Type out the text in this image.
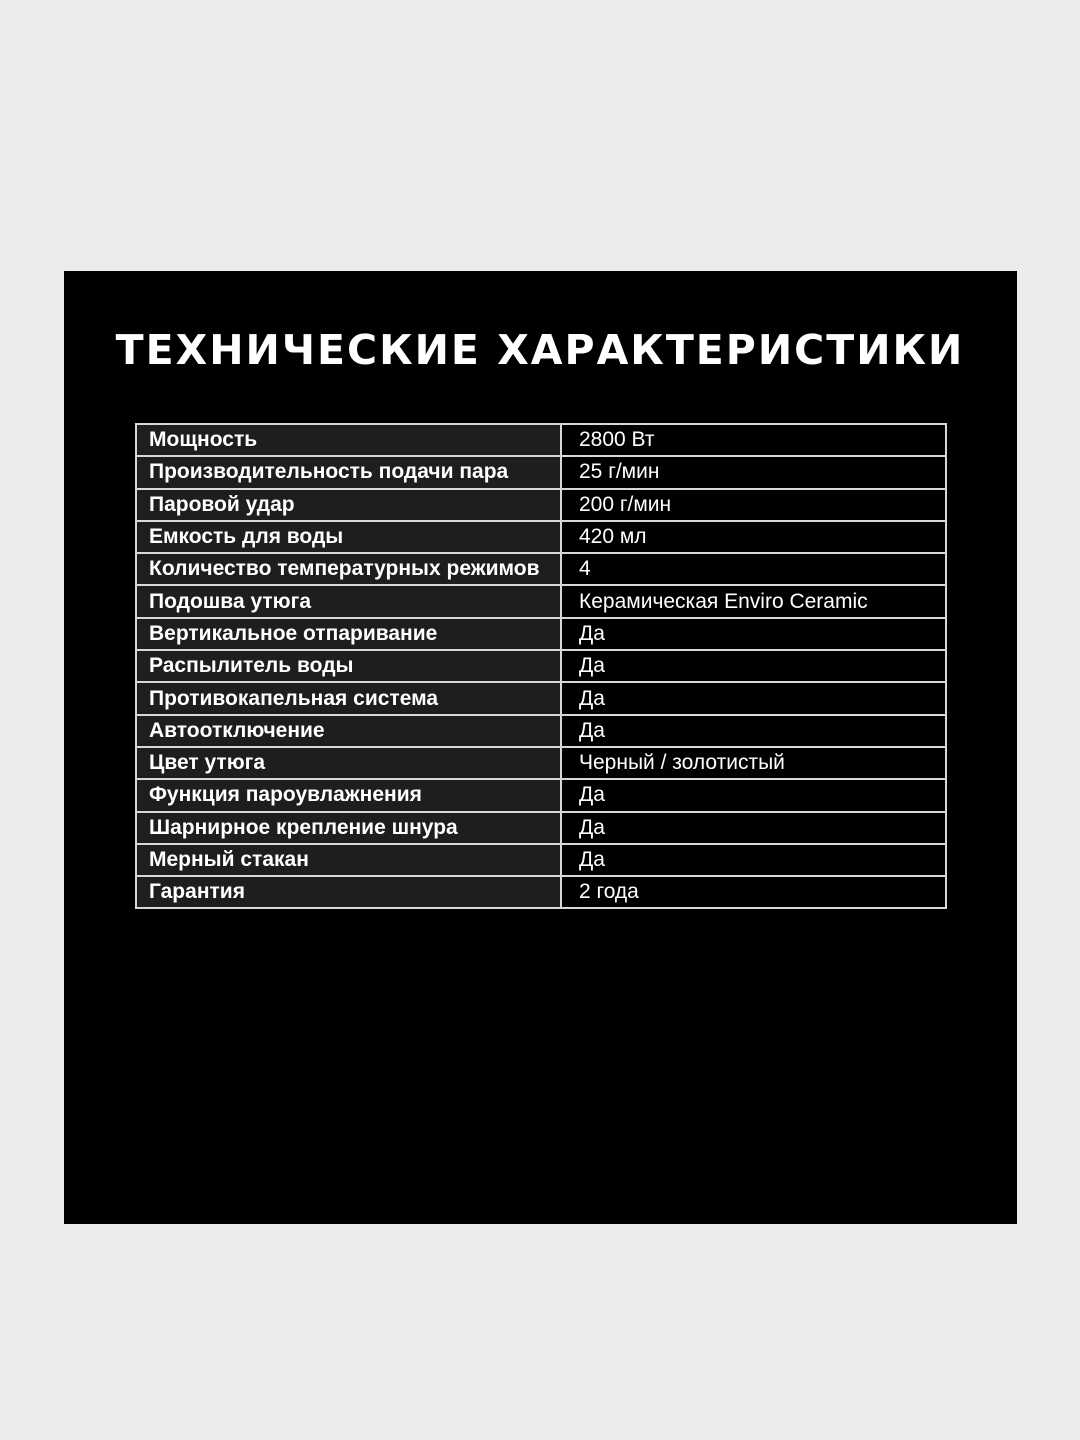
ТЕХНИЧЕСКИЕ ХАРАКТЕРИСТИКИ
Мощность	2800 Вт
Производительность подачи пара	25 г/мин
Паровой удар	200 г/мин
Емкость для воды	420 мл
Количество температурных режимов	4
Подошва утюга	Керамическая Enviro Ceramic
Вертикальное отпаривание	Да
Распылитель воды	Да
Противокапельная система	Да
Автоотключение	Да
Цвет утюга	Черный / золотистый
Функция пароувлажнения	Да
Шарнирное крепление шнура	Да
Мерный стакан	Да
Гарантия	2 года
